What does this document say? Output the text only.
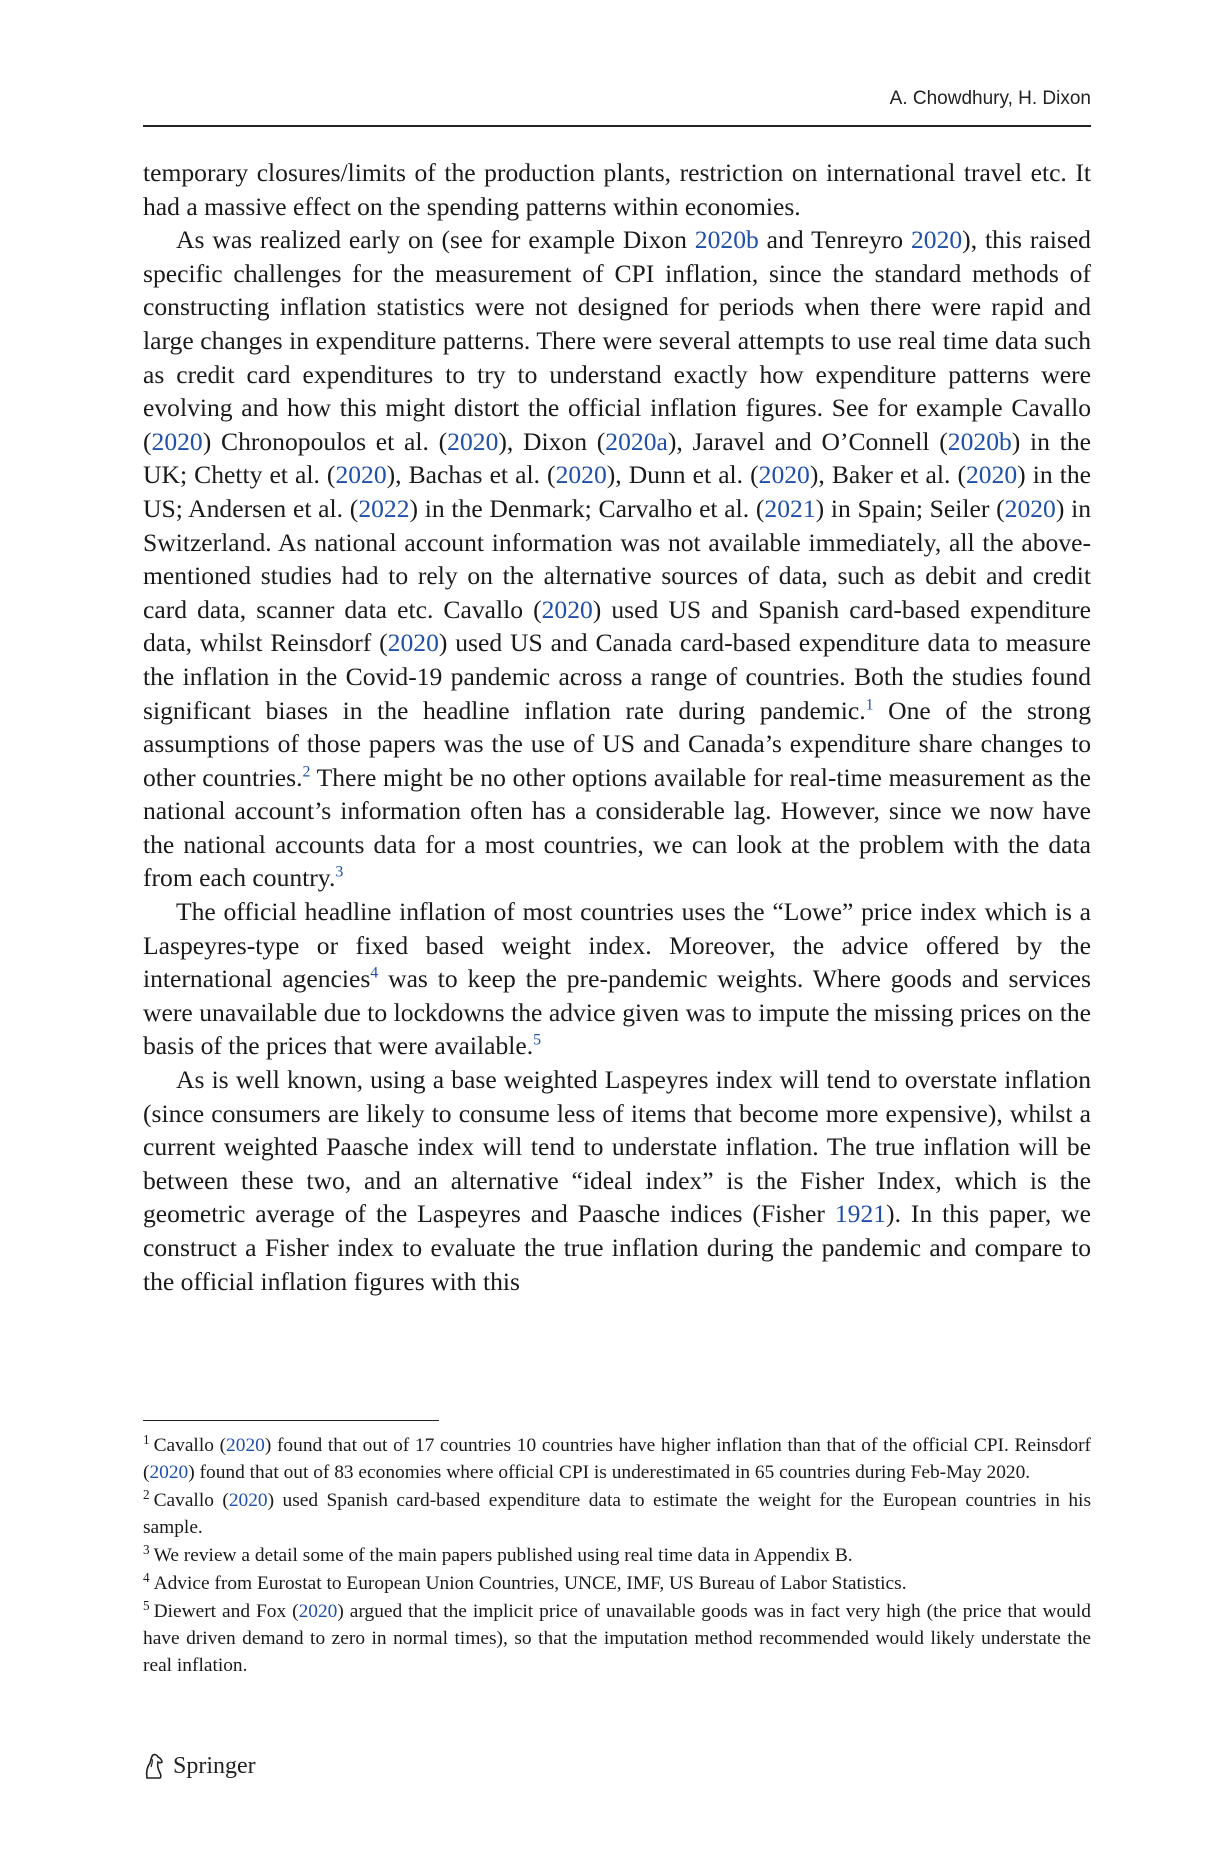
A. Chowdhury, H. Dixon

temporary closures/limits of the production plants, restriction on international travel etc. It had a massive effect on the spending patterns within economies.

As was realized early on (see for example Dixon 2020b and Tenreyro 2020), this raised specific challenges for the measurement of CPI inflation, since the standard methods of constructing inflation statistics were not designed for periods when there were rapid and large changes in expenditure patterns. There were several attempts to use real time data such as credit card expenditures to try to understand exactly how expenditure patterns were evolving and how this might distort the official inflation figures. See for example Cavallo (2020) Chronopoulos et al. (2020), Dixon (2020a), Jaravel and O’Connell (2020b) in the UK; Chetty et al. (2020), Bachas et al. (2020), Dunn et al. (2020), Baker et al. (2020) in the US; Andersen et al. (2022) in the Denmark; Carvalho et al. (2021) in Spain; Seiler (2020) in Switzerland. As national account information was not available immediately, all the above-mentioned studies had to rely on the alternative sources of data, such as debit and credit card data, scanner data etc. Cavallo (2020) used US and Spanish card-based expenditure data, whilst Reinsdorf (2020) used US and Canada card-based expenditure data to measure the inflation in the Covid-19 pandemic across a range of countries. Both the studies found significant biases in the headline inflation rate during pandemic.$^1$ One of the strong assumptions of those papers was the use of US and Canada’s expenditure share changes to other countries.$^2$ There might be no other options available for real-time measurement as the national account’s information often has a considerable lag. However, since we now have the national accounts data for a most countries, we can look at the problem with the data from each country.$^3$

The official headline inflation of most countries uses the “Lowe” price index which is a Laspeyres-type or fixed based weight index. Moreover, the advice offered by the international agencies$^4$ was to keep the pre-pandemic weights. Where goods and services were unavailable due to lockdowns the advice given was to impute the missing prices on the basis of the prices that were available.$^5$

As is well known, using a base weighted Laspeyres index will tend to overstate inflation (since consumers are likely to consume less of items that become more expensive), whilst a current weighted Paasche index will tend to understate inflation. The true inflation will be between these two, and an alternative “ideal index” is the Fisher Index, which is the geometric average of the Laspeyres and Paasche indices (Fisher 1921). In this paper, we construct a Fisher index to evaluate the true inflation during the pandemic and compare to the official inflation figures with this

$^1$ Cavallo (2020) found that out of 17 countries 10 countries have higher inflation than that of the official CPI. Reinsdorf (2020) found that out of 83 economies where official CPI is underestimated in 65 countries during Feb-May 2020.

$^2$ Cavallo (2020) used Spanish card-based expenditure data to estimate the weight for the European countries in his sample.

$^3$ We review a detail some of the main papers published using real time data in Appendix B.

$^4$ Advice from Eurostat to European Union Countries, UNCE, IMF, US Bureau of Labor Statistics.

$^5$ Diewert and Fox (2020) argued that the implicit price of unavailable goods was in fact very high (the price that would have driven demand to zero in normal times), so that the imputation method recommended would likely understate the real inflation.

Springer
